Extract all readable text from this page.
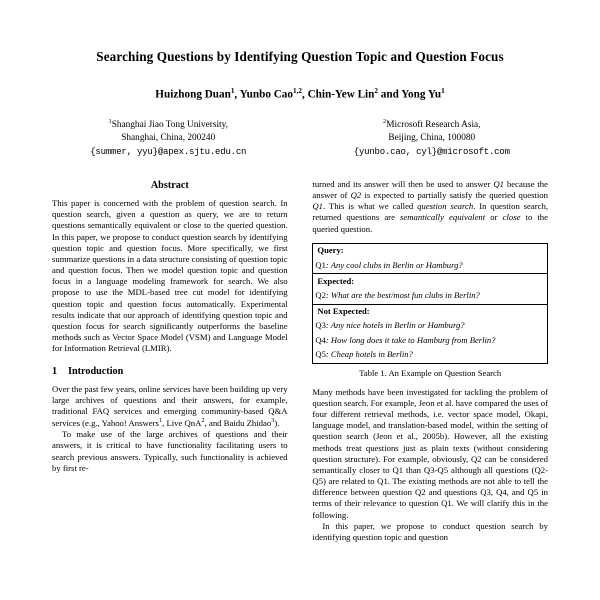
Searching Questions by Identifying Question Topic and Question Focus
Huizhong Duan$^1$, Yunbo Cao$^{1,2}$, Chin-Yew Lin$^2$ and Yong Yu$^1$
$^1$Shanghai Jiao Tong University,
Shanghai, China, 200240
{summer, yyu}@apex.sjtu.edu.cn
$^2$Microsoft Research Asia,
Beijing, China, 100080
{yunbo.cao, cyl}@microsoft.com
Abstract

This paper is concerned with the problem of question search. In question search, given a question as query, we are to return questions semantically equivalent or close to the queried question. In this paper, we propose to conduct question search by identifying question topic and question focus. More specifically, we first summarize questions in a data structure consisting of question topic and question focus. Then we model question topic and question focus in a language modeling framework for search. We also propose to use the MDL-based tree cut model for identifying question topic and question focus automatically. Experimental results indicate that our approach of identifying question topic and question focus for search significantly outperforms the baseline methods such as Vector Space Model (VSM) and Language Model for Information Retrieval (LMIR).

1 Introduction

Over the past few years, online services have been building up very large archives of questions and their answers, for example, traditional FAQ services and emerging community-based Q&A services (e.g., Yahoo! Answers$^1$, Live QnA$^2$, and Baidu Zhidao$^3$).

To make use of the large archives of questions and their answers, it is critical to have functionality facilitating users to search previous answers. Typically, such functionality is achieved by first re-

turned and its answer will then be used to answer Q1 because the answer of Q2 is expected to partially satisfy the queried question Q1. This is what we called question search. In question search, returned questions are semantically equivalent or close to the queried question.

Query:
Q1: Any cool clubs in Berlin or Hamburg?
Expected:
Q2: What are the best/most fun clubs in Berlin?
Not Expected:
Q3: Any nice hotels in Berlin or Hamburg?
Q4: How long does it take to Hamburg from Berlin?
Q5: Cheap hotels in Berlin?
Table 1. An Example on Question Search

Many methods have been investigated for tackling the problem of question search. For example, Jeon et al. have compared the uses of four different retrieval methods, i.e. vector space model, Okapi, language model, and translation-based model, within the setting of question search (Jeon et al., 2005b). However, all the existing methods treat questions just as plain texts (without considering question structure). For example, obviously, Q2 can be considered semantically closer to Q1 than Q3-Q5 although all questions (Q2-Q5) are related to Q1. The existing methods are not able to tell the difference between question Q2 and questions Q3, Q4, and Q5 in terms of their relevance to question Q1. We will clarify this in the following.

In this paper, we propose to conduct question search by identifying question topic and question
